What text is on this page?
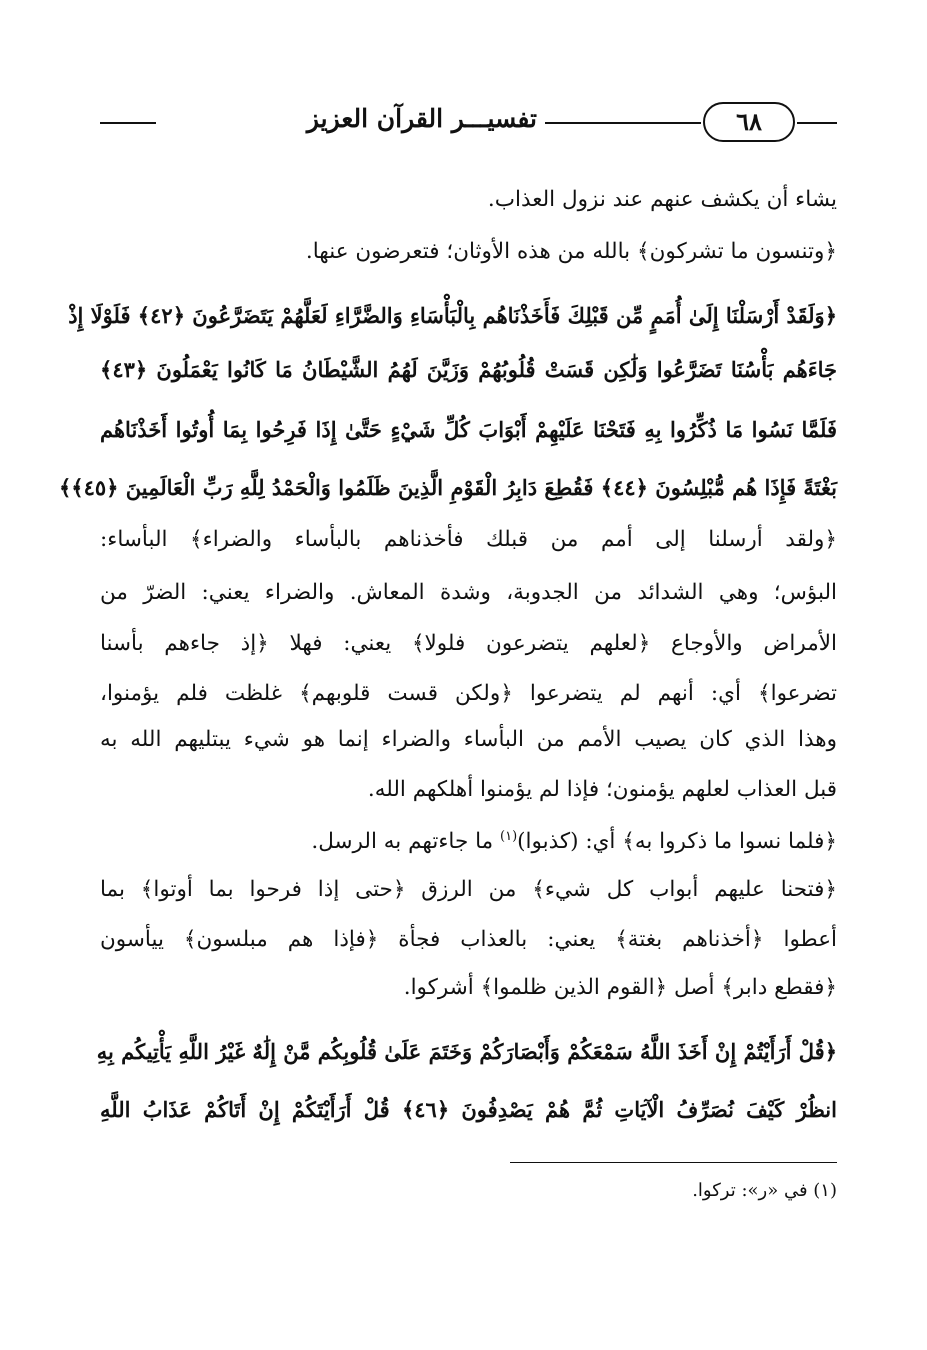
٦٨
تفسيـــر القرآن العزيز
يشاء أن يكشف عنهم عند نزول العذاب.
﴿وتنسون ما تشركون﴾ بالله من هذه الأوثان؛ فتعرضون عنها.
﴿وَلَقَدْ أَرْسَلْنَا إِلَىٰ أُمَمٍ مِّن قَبْلِكَ فَأَخَذْنَاهُم بِالْبَأْسَاءِ وَالضَّرَّاءِ لَعَلَّهُمْ يَتَضَرَّعُونَ ﴿٤٢﴾ فَلَوْلَا إِذْ
جَاءَهُم بَأْسُنَا تَضَرَّعُوا وَلَٰكِن قَسَتْ قُلُوبُهُمْ وَزَيَّنَ لَهُمُ الشَّيْطَانُ مَا كَانُوا يَعْمَلُونَ ﴿٤٣﴾
فَلَمَّا نَسُوا مَا ذُكِّرُوا بِهِ فَتَحْنَا عَلَيْهِمْ أَبْوَابَ كُلِّ شَيْءٍ حَتَّىٰ إِذَا فَرِحُوا بِمَا أُوتُوا أَخَذْنَاهُم
بَغْتَةً فَإِذَا هُم مُّبْلِسُونَ ﴿٤٤﴾ فَقُطِعَ دَابِرُ الْقَوْمِ الَّذِينَ ظَلَمُوا وَالْحَمْدُ لِلَّهِ رَبِّ الْعَالَمِينَ ﴿٤٥﴾﴾
﴿ولقد أرسلنا إلى أمم من قبلك فأخذناهم بالبأساء والضراء﴾ البأساء:
البؤس؛ وهي الشدائد من الجدوبة، وشدة المعاش. والضراء يعني: الضرّ من
الأمراض والأوجاع ﴿لعلهم يتضرعون فلولا﴾ يعني: فهلا ﴿إذ جاءهم بأسنا
تضرعوا﴾ أي: أنهم لم يتضرعوا ﴿ولكن قست قلوبهم﴾ غلظت فلم يؤمنوا،
وهذا الذي كان يصيب الأمم من البأساء والضراء إنما هو شيء يبتليهم الله به
قبل العذاب لعلهم يؤمنون؛ فإذا لم يؤمنوا أهلكهم الله.
﴿فلما نسوا ما ذكروا به﴾ أي: (كذبوا)$^{(١)}$ ما جاءتهم به الرسل.
﴿فتحنا عليهم أبواب كل شيء﴾ من الرزق ﴿حتى إذا فرحوا بما أوتوا﴾ بما
أعطوا ﴿أخذناهم بغتة﴾ يعني: بالعذاب فجأة ﴿فإذا هم مبلسون﴾ ييأسون
﴿فقطع دابر﴾ أصل ﴿القوم الذين ظلموا﴾ أشركوا.
﴿قُلْ أَرَأَيْتُمْ إِنْ أَخَذَ اللَّهُ سَمْعَكُمْ وَأَبْصَارَكُمْ وَخَتَمَ عَلَىٰ قُلُوبِكُم مَّنْ إِلَٰهٌ غَيْرُ اللَّهِ يَأْتِيكُم بِهِ
انظُرْ كَيْفَ نُصَرِّفُ الْآيَاتِ ثُمَّ هُمْ يَصْدِفُونَ ﴿٤٦﴾ قُلْ أَرَأَيْتَكُمْ إِنْ أَتَاكُمْ عَذَابُ اللَّهِ
(١) في «ر»: تركوا.
